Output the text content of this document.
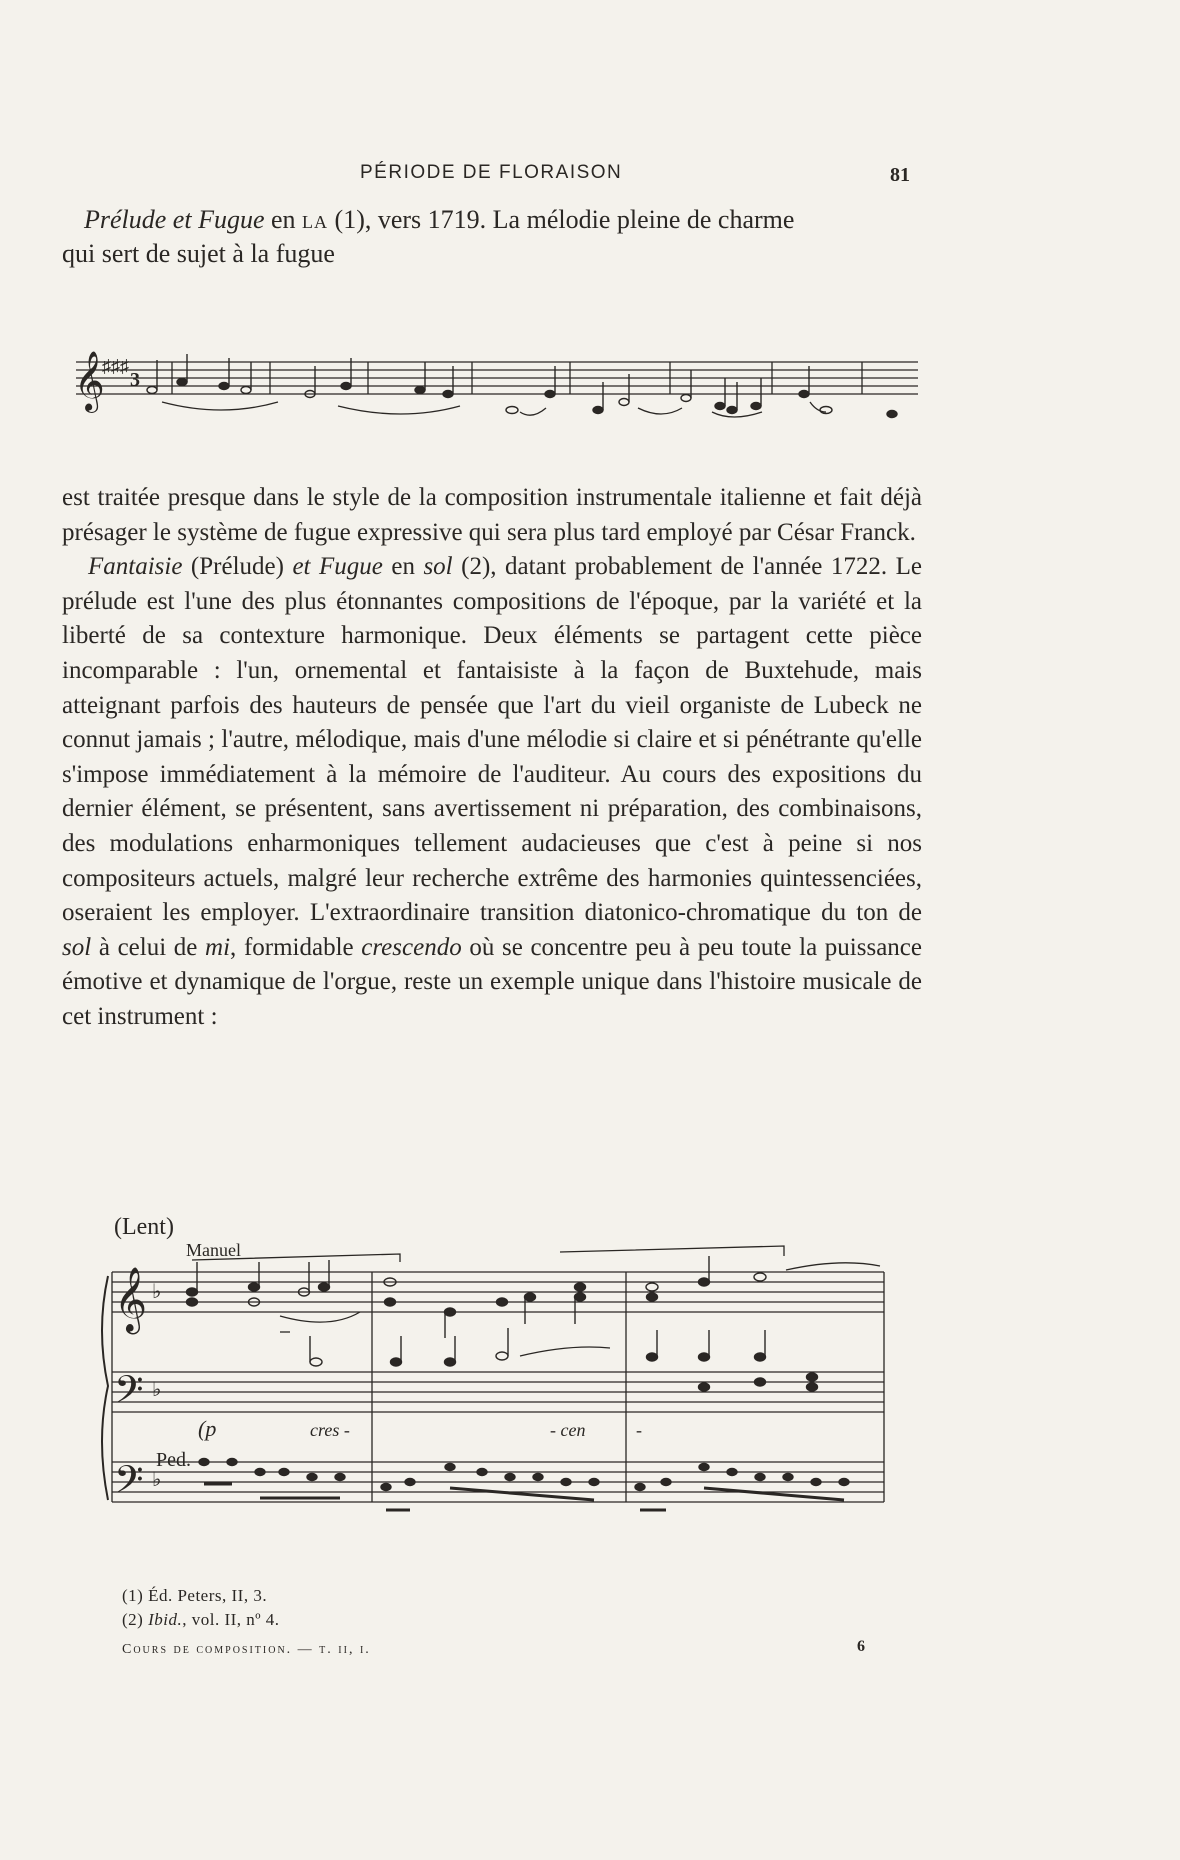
PÉRIODE DE FLORAISON	81

Prélude et Fugue en la (1), vers 1719. La mélodie pleine de charme

qui sert de sujet à la fugue

𝄞
♯♯♯
3

est traitée presque dans le style de la composition instrumentale italienne et fait déjà présager le système de fugue expressive qui sera plus tard employé par César Franck.

Fantaisie (Prélude) et Fugue en sol (2), datant probablement de l'année 1722. Le prélude est l'une des plus étonnantes compositions de l'époque, par la variété et la liberté de sa contexture harmonique. Deux éléments se partagent cette pièce incomparable : l'un, ornemental et fantaisiste à la façon de Buxtehude, mais atteignant parfois des hauteurs de pensée que l'art du vieil organiste de Lubeck ne connut jamais ; l'autre, mélodique, mais d'une mélodie si claire et si pénétrante qu'elle s'impose immédiatement à la mémoire de l'auditeur. Au cours des expositions du dernier élément, se présentent, sans avertissement ni préparation, des combinaisons, des modulations enharmoniques tellement audacieuses que c'est à peine si nos compositeurs actuels, malgré leur recherche extrême des harmonies quintessenciées, oseraient les employer. L'extraordinaire transition diatonico-chromatique du ton de sol à celui de mi, formidable crescendo où se concentre peu à peu toute la puissance émotive et dynamique de l'orgue, reste un exemple unique dans l'histoire musicale de cet instrument :

(Lent)
Manuel
𝄞
𝄢
𝄢
♭
♭
♭
(p	cres -	- cen	-
Ped.
(1) Éd. Peters, II, 3.
(2) Ibid., vol. II, nº 4.
Cours de composition. — t. ii, i.	6
